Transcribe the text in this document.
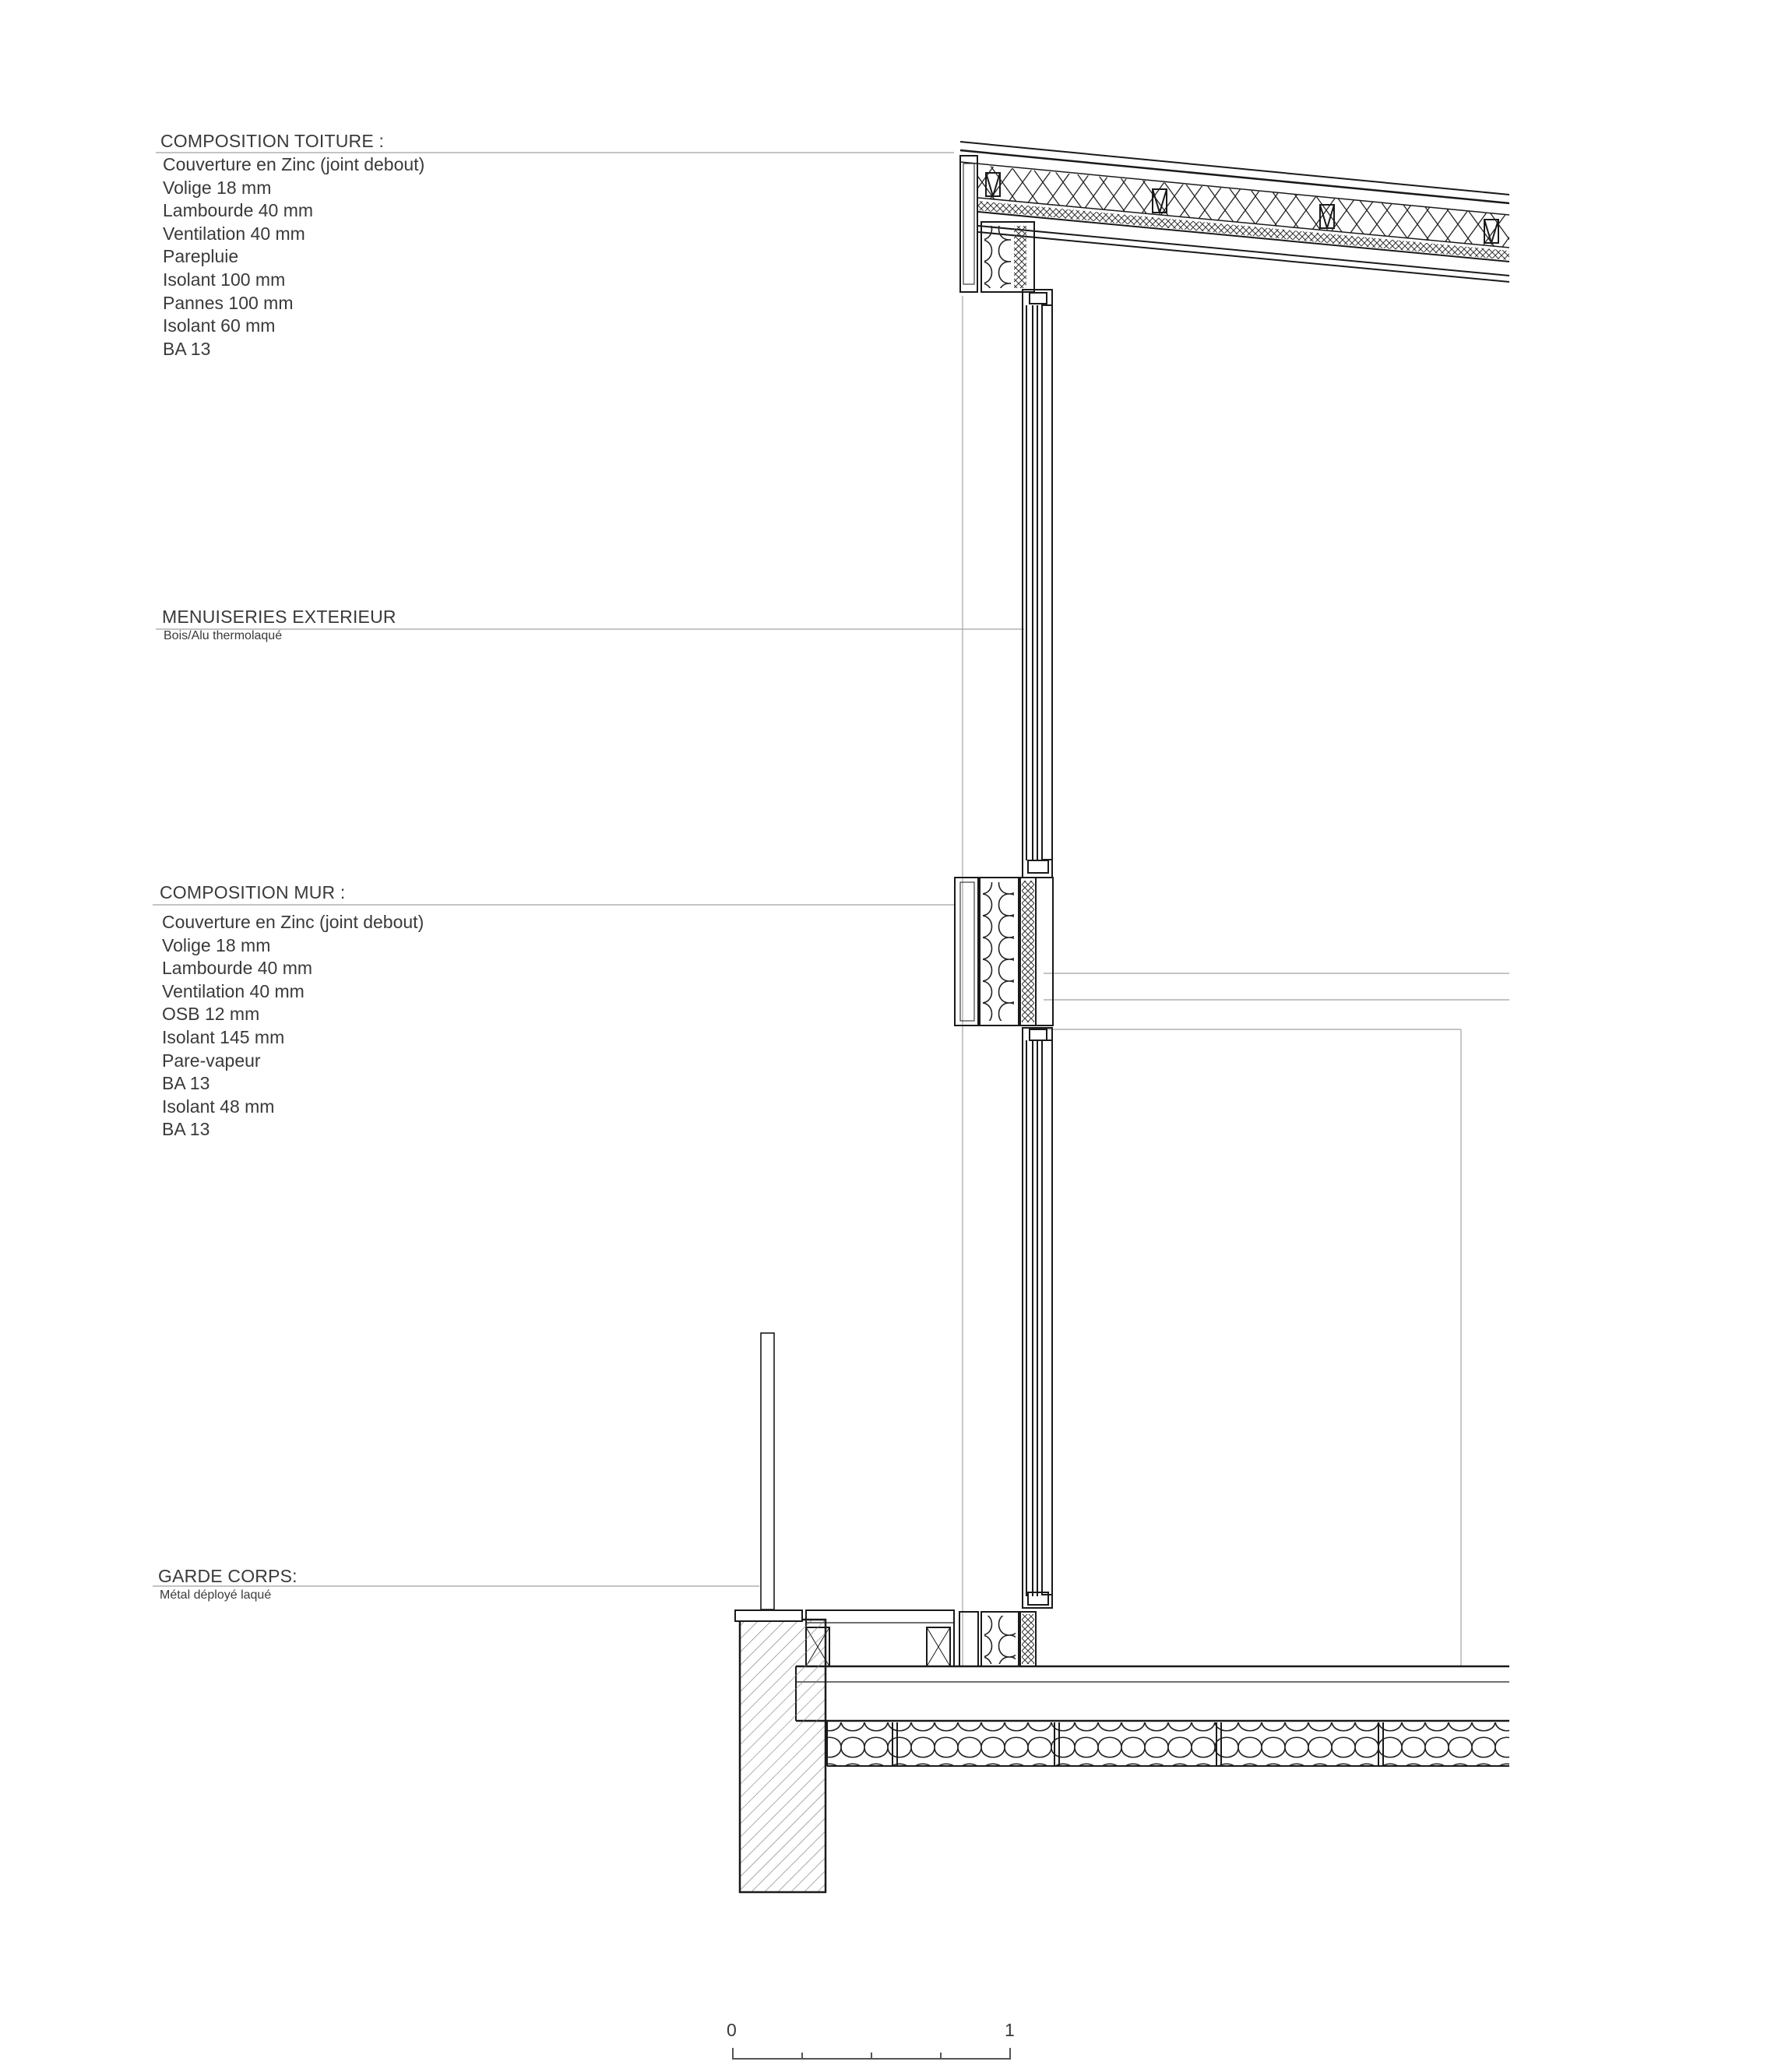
COMPOSITION TOITURE :
Couverture en Zinc (joint debout)
Volige 18 mm
Lambourde 40 mm
Ventilation 40 mm
Parepluie
Isolant 100 mm
Pannes 100 mm
Isolant 60 mm
BA 13
MENUISERIES EXTERIEUR
Bois/Alu thermolaqué
COMPOSITION MUR :
Couverture en Zinc (joint debout)
Volige 18 mm
Lambourde 40 mm
Ventilation 40 mm
OSB 12 mm
Isolant 145 mm
Pare-vapeur
BA 13
Isolant 48 mm
BA 13
GARDE CORPS:
Métal déployé laqué
0	1
